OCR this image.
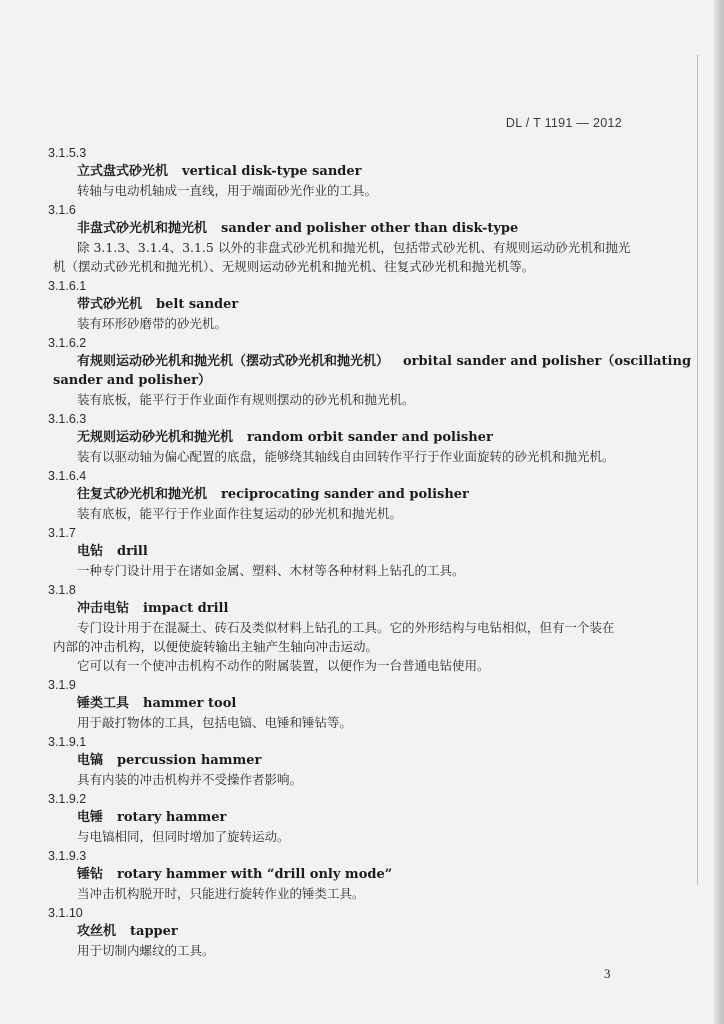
DL / T 1191 — 2012
3.1.5.3
立式盘式砂光机 vertical disk-type sander
转轴与电动机轴成一直线，用于端面砂光作业的工具。
3.1.6
非盘式砂光机和抛光机 sander and polisher other than disk-type
除 3.1.3、3.1.4、3.1.5 以外的非盘式砂光机和抛光机，包括带式砂光机、有规则运动砂光机和抛光
机（摆动式砂光机和抛光机）、无规则运动砂光机和抛光机、往复式砂光机和抛光机等。
3.1.6.1
带式砂光机 belt sander
装有环形砂磨带的砂光机。
3.1.6.2
有规则运动砂光机和抛光机（摆动式砂光机和抛光机） orbital sander and polisher（oscillating
sander and polisher）
装有底板，能平行于作业面作有规则摆动的砂光机和抛光机。
3.1.6.3
无规则运动砂光机和抛光机 random orbit sander and polisher
装有以驱动轴为偏心配置的底盘，能够绕其轴线自由回转作平行于作业面旋转的砂光机和抛光机。
3.1.6.4
往复式砂光机和抛光机 reciprocating sander and polisher
装有底板，能平行于作业面作往复运动的砂光机和抛光机。
3.1.7
电钻 drill
一种专门设计用于在诸如金属、塑料、木材等各种材料上钻孔的工具。
3.1.8
冲击电钻 impact drill
专门设计用于在混凝土、砖石及类似材料上钻孔的工具。它的外形结构与电钻相似，但有一个装在
内部的冲击机构，以便使旋转输出主轴产生轴向冲击运动。
它可以有一个使冲击机构不动作的附属装置，以便作为一台普通电钻使用。
3.1.9
锤类工具 hammer tool
用于敲打物体的工具，包括电镐、电锤和锤钻等。
3.1.9.1
电镐 percussion hammer
具有内装的冲击机构并不受操作者影响。
3.1.9.2
电锤 rotary hammer
与电镐相同，但同时增加了旋转运动。
3.1.9.3
锤钻 rotary hammer with “drill only mode”
当冲击机构脱开时，只能进行旋转作业的锤类工具。
3.1.10
攻丝机 tapper
用于切制内螺纹的工具。
3
